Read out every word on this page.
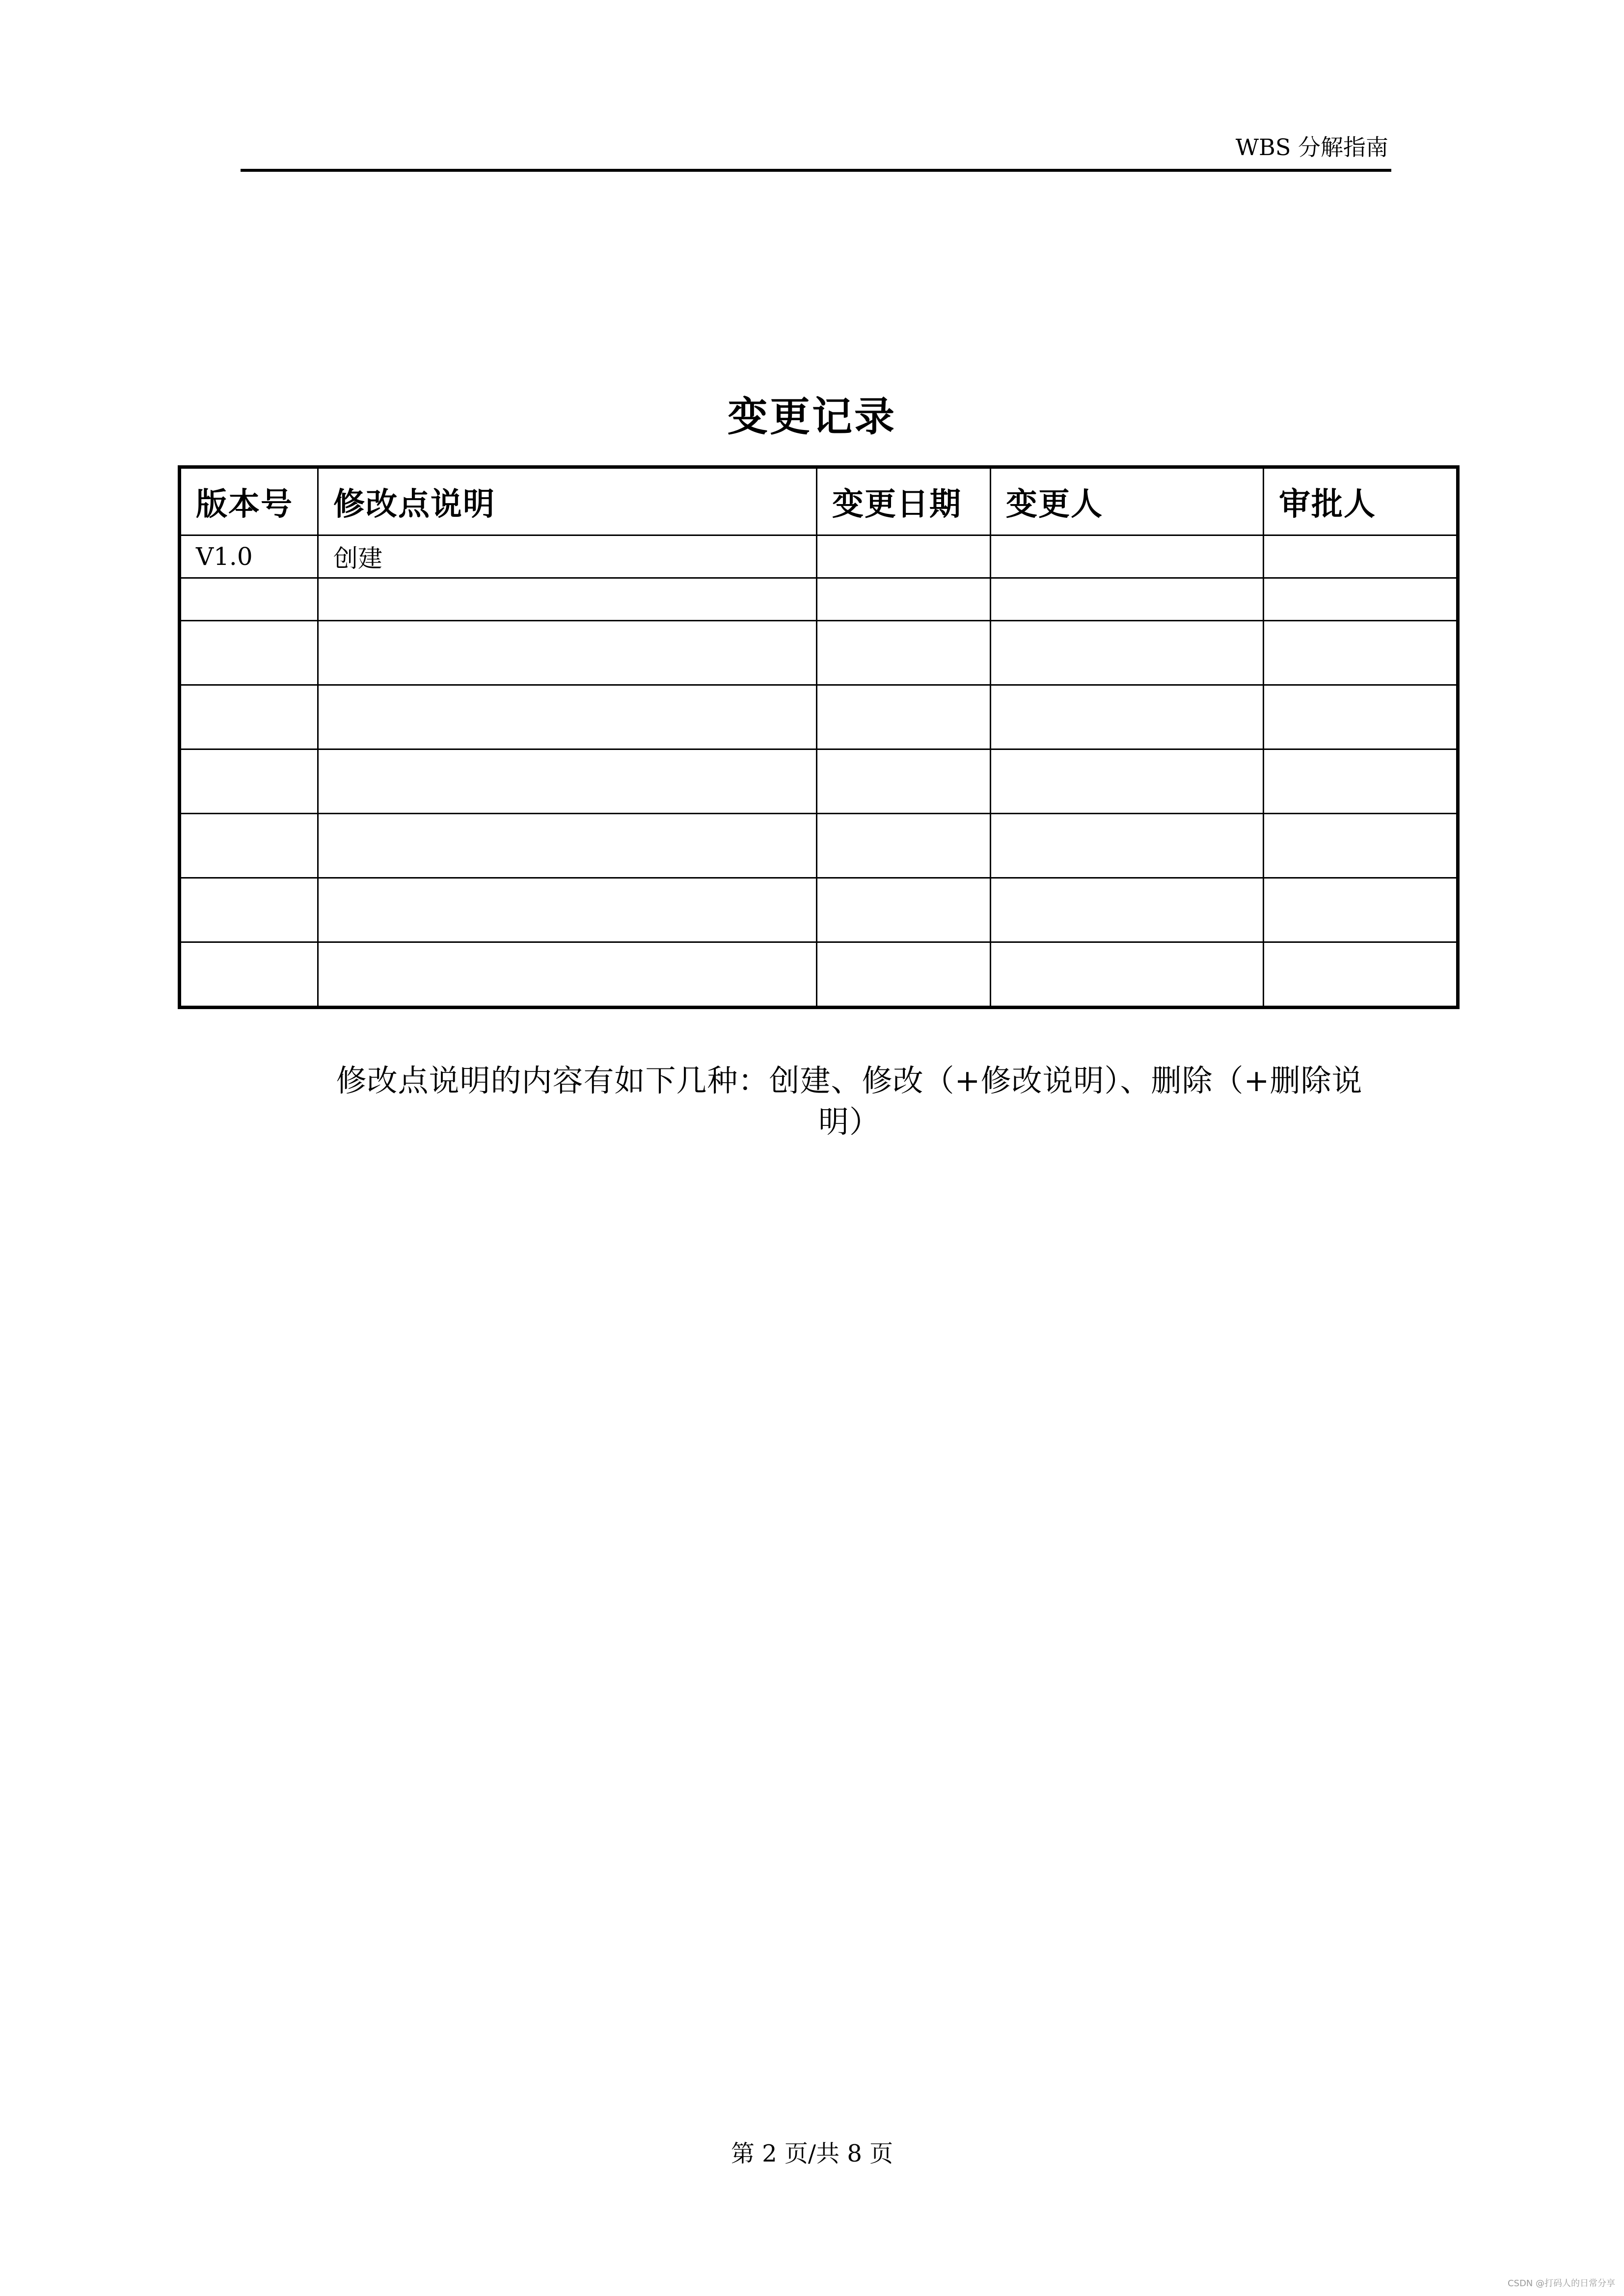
WBS 分解指南
变更记录
版本号	修改点说明	变更日期	变更人	审批人
V1.0	创建			

修改点说明的内容有如下几种：创建、修改（+修改说明）、删除（+删除说明）
第 2 页/共 8 页
CSDN @打码人的日常分享
